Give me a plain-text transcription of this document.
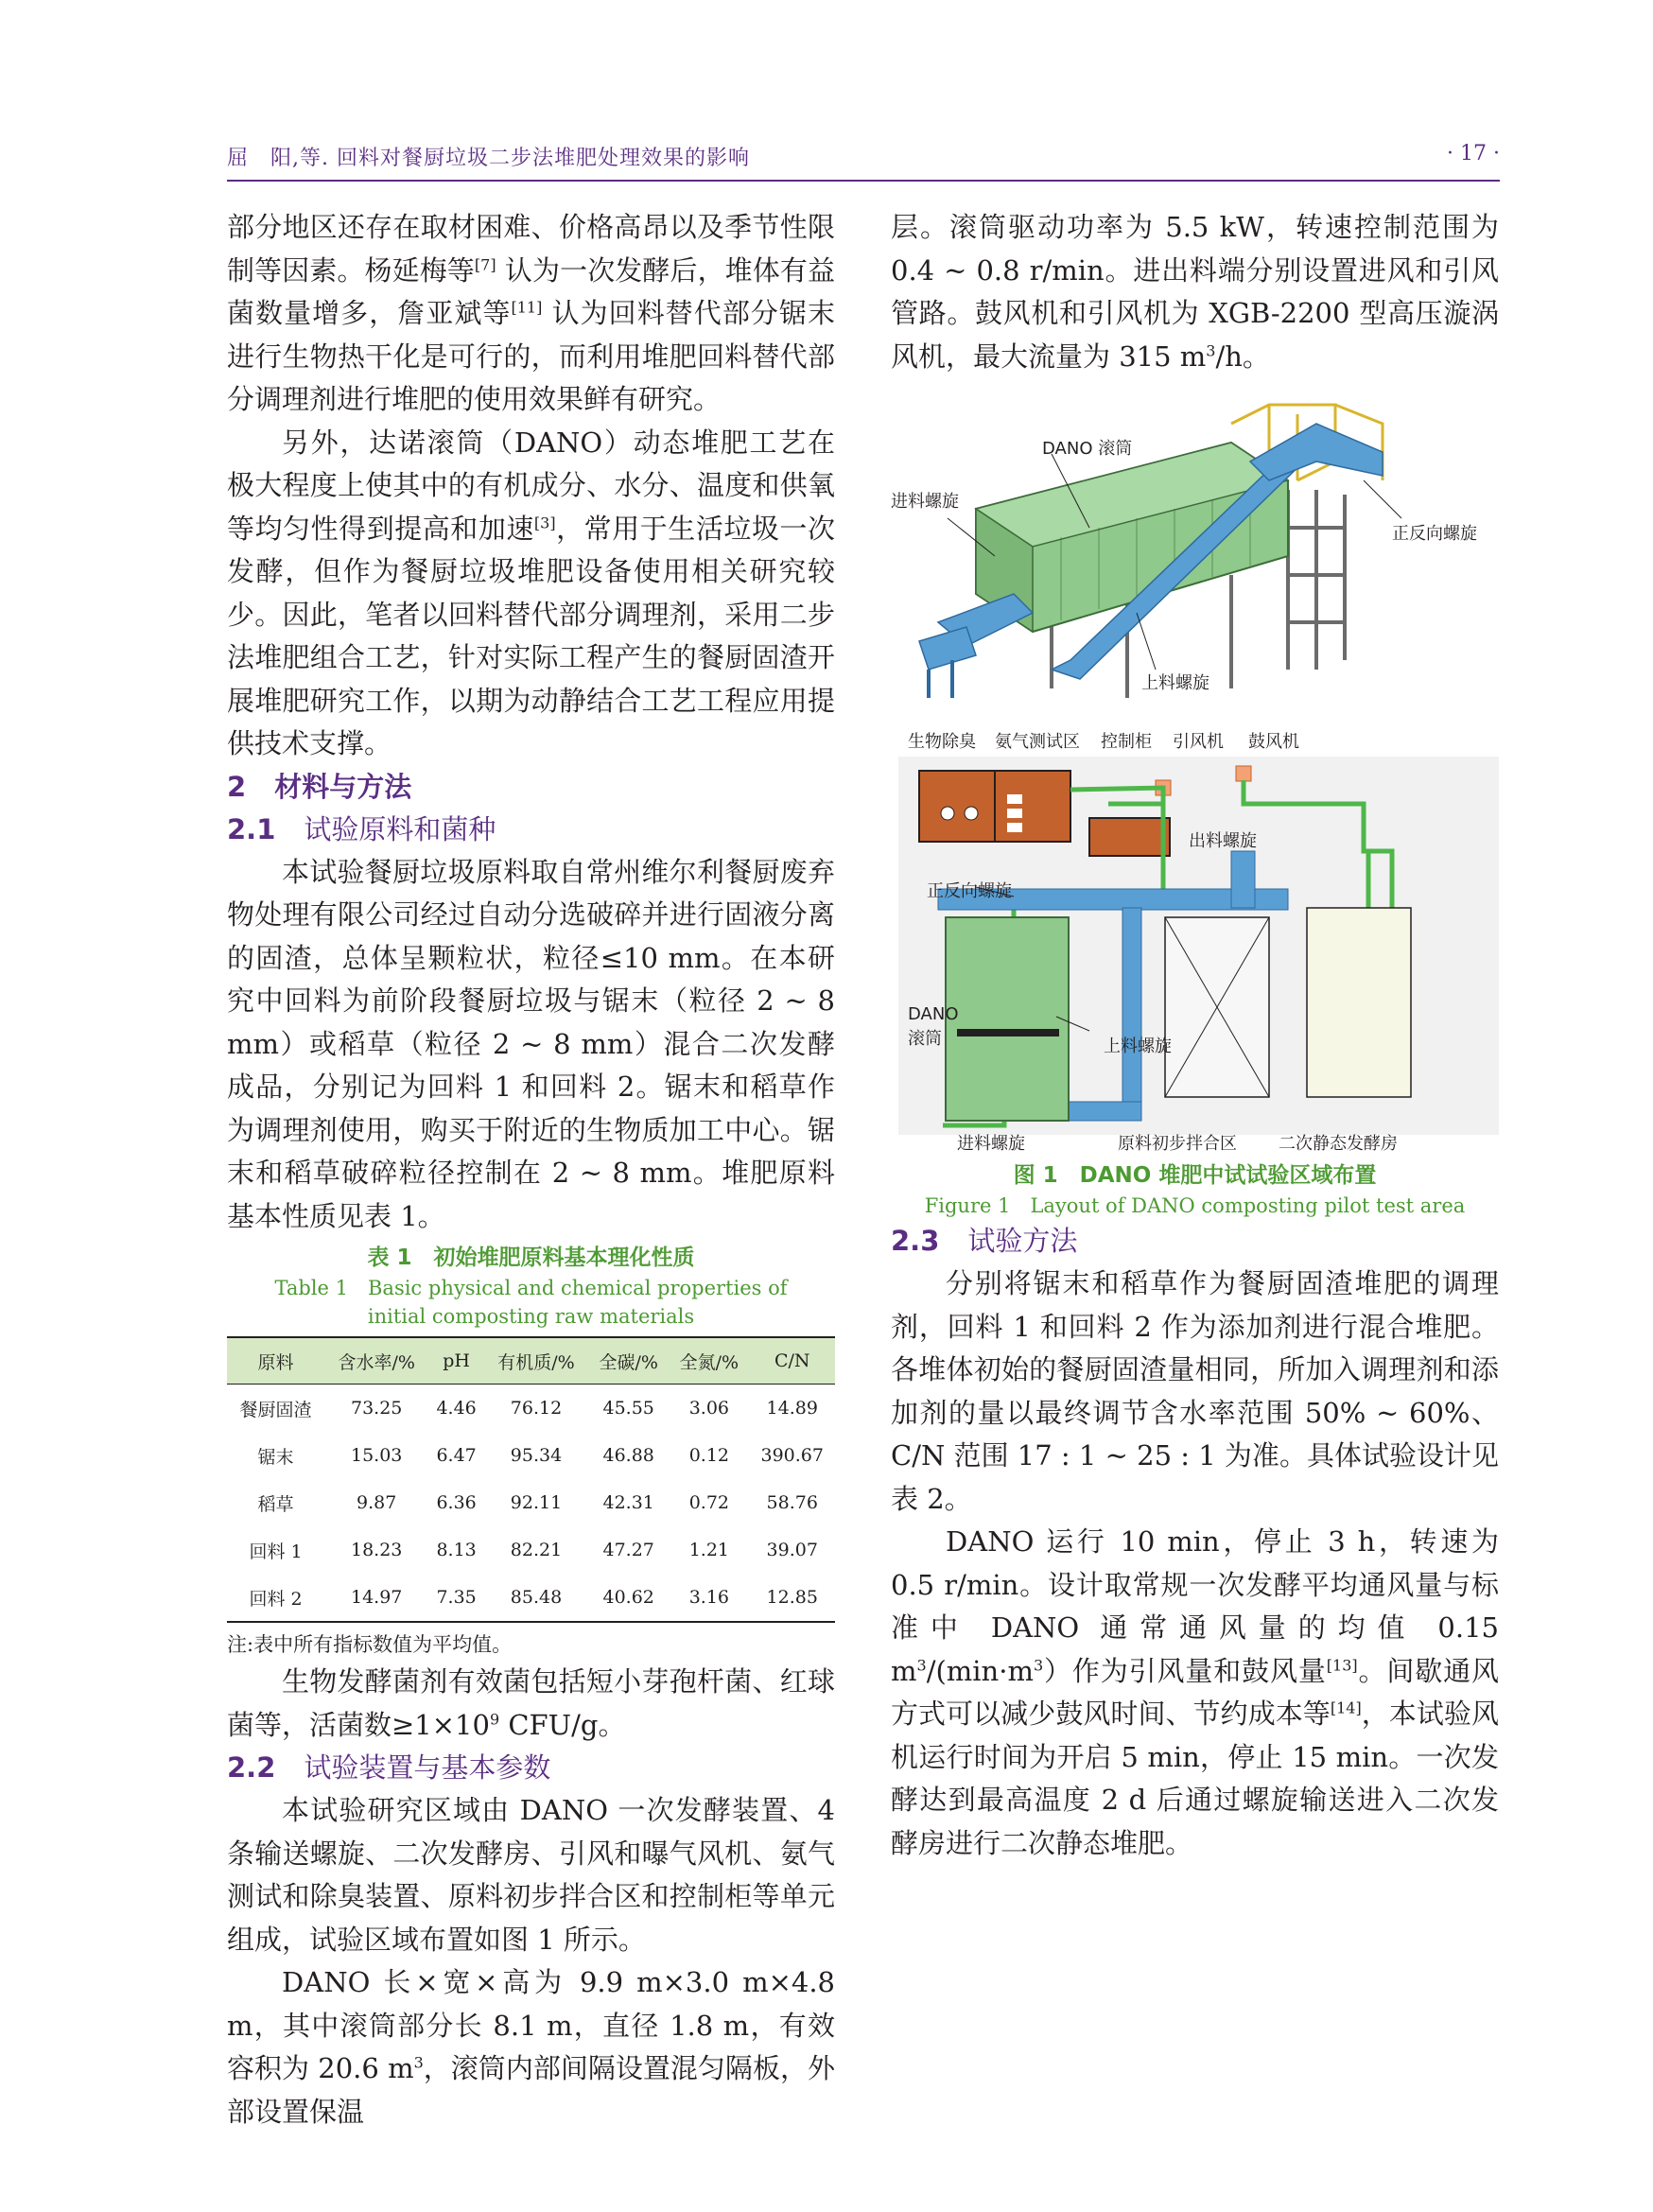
屈　阳,等. 回料对餐厨垃圾二步法堆肥处理效果的影响	· 17 ·

部分地区还存在取材困难、价格高昂以及季节性限制等因素。杨延梅等[7] 认为一次发酵后，堆体有益菌数量增多，詹亚斌等[11] 认为回料替代部分锯末进行生物热干化是可行的，而利用堆肥回料替代部分调理剂进行堆肥的使用效果鲜有研究。

另外，达诺滚筒（DANO）动态堆肥工艺在极大程度上使其中的有机成分、水分、温度和供氧等均匀性得到提高和加速[3]，常用于生活垃圾一次发酵，但作为餐厨垃圾堆肥设备使用相关研究较少。因此，笔者以回料替代部分调理剂，采用二步法堆肥组合工艺，针对实际工程产生的餐厨固渣开展堆肥研究工作，以期为动静结合工艺工程应用提供技术支撑。

2 材料与方法

2.1 试验原料和菌种

本试验餐厨垃圾原料取自常州维尔利餐厨废弃物处理有限公司经过自动分选破碎并进行固液分离的固渣，总体呈颗粒状，粒径≤10 mm。在本研究中回料为前阶段餐厨垃圾与锯末（粒径 2 ~ 8 mm）或稻草（粒径 2 ~ 8 mm）混合二次发酵成品，分别记为回料 1 和回料 2。锯末和稻草作为调理剂使用，购买于附近的生物质加工中心。锯末和稻草破碎粒径控制在 2 ~ 8 mm。堆肥原料基本性质见表 1。

表 1　初始堆肥原料基本理化性质
Table 1　Basic physical and chemical properties of
initial composting raw materials
原料	含水率/%	pH	有机质/%	全碳/%	全氮/%	C/N
餐厨固渣	73.25	4.46	76.12	45.55	3.06	14.89
锯末	15.03	6.47	95.34	46.88	0.12	390.67
稻草	9.87	6.36	92.11	42.31	0.72	58.76
回料 1	18.23	8.13	82.21	47.27	1.21	39.07
回料 2	14.97	7.35	85.48	40.62	3.16	12.85
注:表中所有指标数值为平均值。

生物发酵菌剂有效菌包括短小芽孢杆菌、红球菌等，活菌数$\ge 1\times 10^9$ CFU/g。

2.2 试验装置与基本参数

本试验研究区域由 DANO 一次发酵装置、4 条输送螺旋、二次发酵房、引风和曝气风机、氨气测试和除臭装置、原料初步拌合区和控制柜等单元组成，试验区域布置如图 1 所示。

DANO 长×宽×高为 9.9 m×3.0 m×4.8 m，其中滚筒部分长 8.1 m，直径 1.8 m，有效容积为 20.6 $m^3$，滚筒内部间隔设置混匀隔板，外部设置保温

层。滚筒驱动功率为 5.5 kW，转速控制范围为 0.4 ~ 0.8 r/min。进出料端分别设置进风和引风管路。鼓风机和引风机为 XGB-2200 型高压漩涡风机，最大流量为 315 $m^3/h$。

DANO 滚筒
进料螺旋
正反向螺旋
上料螺旋
生物除臭 氨气测试区 控制柜 引风机 鼓风机
出料螺旋
正反向螺旋
DANO
滚筒	上料螺旋
进料螺旋	原料初步拌合区 二次静态发酵房
图 1　DANO 堆肥中试试验区域布置
Figure 1　Layout of DANO composting pilot test area

2.3 试验方法

分别将锯末和稻草作为餐厨固渣堆肥的调理剂，回料 1 和回料 2 作为添加剂进行混合堆肥。各堆体初始的餐厨固渣量相同，所加入调理剂和添加剂的量以最终调节含水率范围 50% ~ 60%、C/N 范围 17 : 1 ~ 25 : 1 为准。具体试验设计见表 2。

DANO 运行 10 min，停止 3 h，转速为 0.5 r/min。设计取常规一次发酵平均通风量与标准中 DANO 通常通风量的均值 0.15 $m^3/(\min\cdot m^3)$作为引风量和鼓风量[13]。间歇通风方式可以减少鼓风时间、节约成本等[14]，本试验风机运行时间为开启 5 min，停止 15 min。一次发酵达到最高温度 2 d 后通过螺旋输送进入二次发酵房进行二次静态堆肥。
